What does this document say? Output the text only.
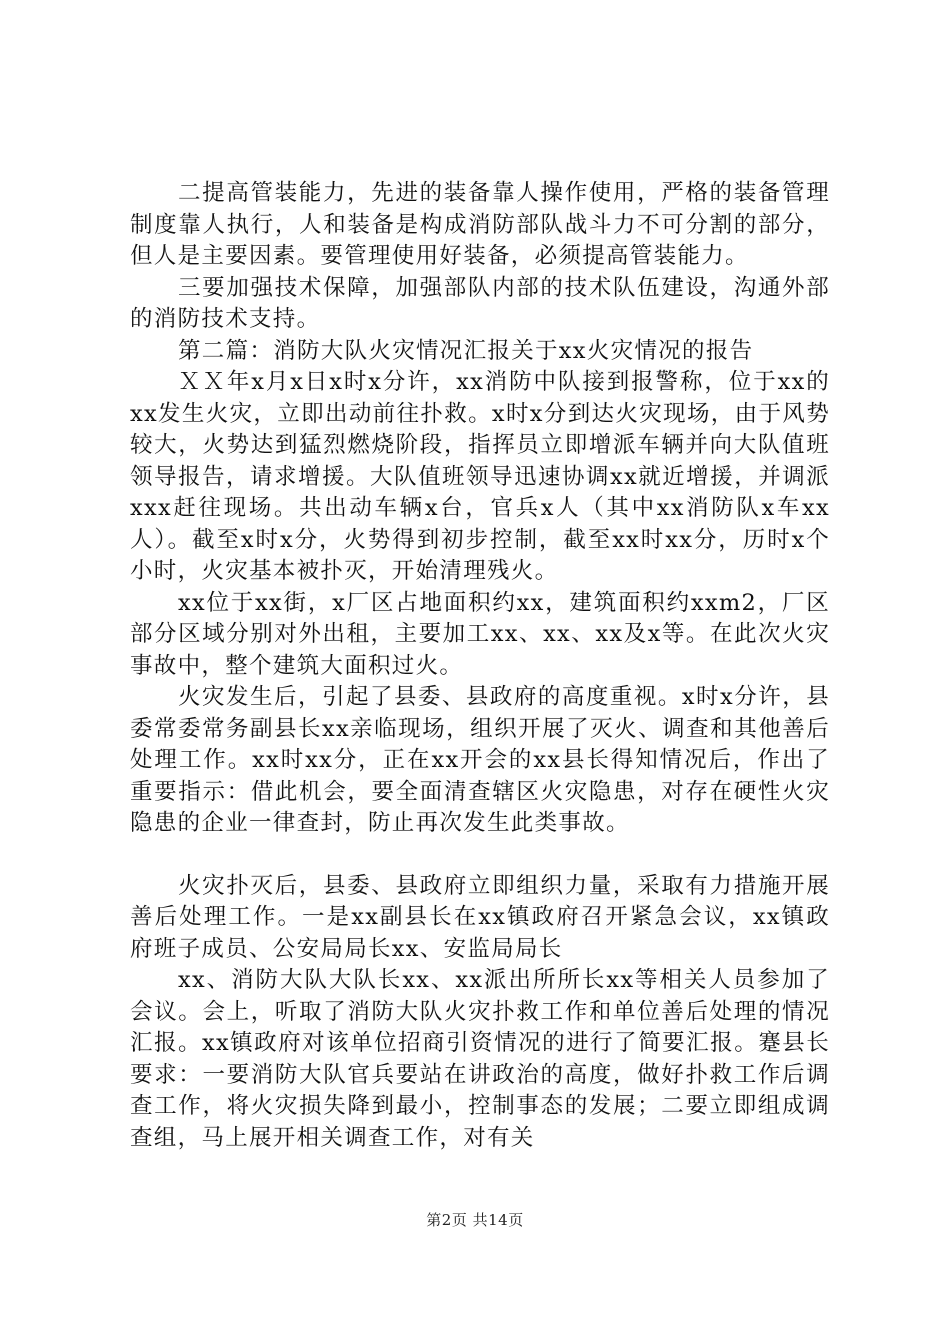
二提高管装能力，先进的装备靠人操作使用，严格的装备管理制度靠人执行，人和装备是构成消防部队战斗力不可分割的部分，但人是主要因素。要管理使用好装备，必须提高管装能力。

三要加强技术保障，加强部队内部的技术队伍建设，沟通外部的消防技术支持。

第二篇：消防大队火灾情况汇报关于xx火灾情况的报告

ＸＸ年x月x日x时x分许，xx消防中队接到报警称，位于xx的xx发生火灾，立即出动前往扑救。x时x分到达火灾现场，由于风势较大，火势达到猛烈燃烧阶段，指挥员立即增派车辆并向大队值班领导报告，请求增援。大队值班领导迅速协调xx就近增援，并调派xxx赶往现场。共出动车辆x台，官兵x人（其中xx消防队x车xx人）。截至x时x分，火势得到初步控制，截至xx时xx分，历时x个小时，火灾基本被扑灭，开始清理残火。

xx位于xx街，x厂区占地面积约xx，建筑面积约xxm2，厂区部分区域分别对外出租，主要加工xx、xx、xx及x等。在此次火灾事故中，整个建筑大面积过火。

火灾发生后，引起了县委、县政府的高度重视。x时x分许，县委常委常务副县长xx亲临现场，组织开展了灭火、调查和其他善后处理工作。xx时xx分，正在xx开会的xx县长得知情况后，作出了重要指示：借此机会，要全面清查辖区火灾隐患，对存在硬性火灾隐患的企业一律查封，防止再次发生此类事故。

火灾扑灭后，县委、县政府立即组织力量，采取有力措施开展善后处理工作。一是xx副县长在xx镇政府召开紧急会议，xx镇政府班子成员、公安局局长xx、安监局局长

xx、消防大队大队长xx、xx派出所所长xx等相关人员参加了会议。会上，听取了消防大队火灾扑救工作和单位善后处理的情况汇报。xx镇政府对该单位招商引资情况的进行了简要汇报。蹇县长要求：一要消防大队官兵要站在讲政治的高度，做好扑救工作后调查工作，将火灾损失降到最小，控制事态的发展；二要立即组成调查组，马上展开相关调查工作，对有关

第2页 共14页
